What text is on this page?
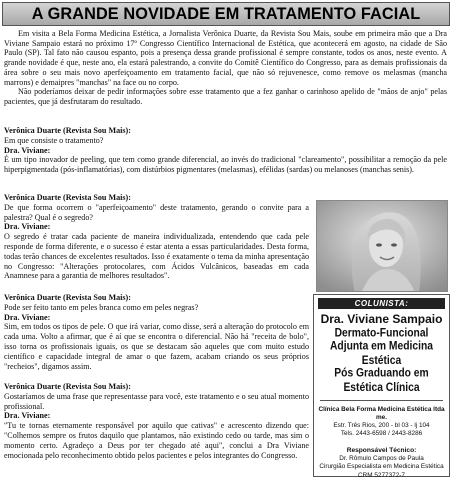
A GRANDE NOVIDADE EM TRATAMENTO FACIAL

Em visita a Bela Forma Medicina Estética, a Jornalista Verônica Duarte, da Revista Sou Mais, soube em primeira mão que a Dra Viviane Sampaio estará no próximo 17º Congresso Científico Internacional de Estética, que acontecerá em agosto, na cidade de São Paulo (SP). Tal fato não causou espanto, pois a presença dessa grande profissional é sempre constante, todos os anos, neste evento. A grande novidade é que, neste ano, ela estará palestrando, a convite do Comitê Científico do Congresso, para as demais profissionais da área sobre o seu mais novo aperfeiçoamento em tratamento facial, que não só rejuvenesce, como remove os melasmas (mancha marrons) e demaipres "manchas" na face ou no corpo.

Não poderíamos deixar de pedir informações sobre esse tratamento que a fez ganhar o carinhoso apelido de "mãos de anjo" pelas pacientes, que já desfrutaram do resultado.

Verônica Duarte (Revista Sou Mais):

Em que consiste o tratamento?

Dra. Viviane:

É um tipo inovador de peeling, que tem como grande diferencial, ao invés do tradicional "clareamento", possibilitar a remoção da pele hiperpigmentada (pós-inflamatórias), com distúrbios pigmentares (melasmas), efélidas (sardas) ou melanoses (manchas senis).

Verônica Duarte (Revista Sou Mais):

De que forma ocorrem o "aperfeiçoamento" deste tratamento, gerando o convite para a palestra? Qual é o segredo?

Dra. Viviane:

O segredo é tratar cada paciente de maneira individualizada, entendendo que cada pele responde de forma diferente, e o sucesso é estar atenta a essas particularidades. Desta forma, todas terão chances de excelentes resultados. Isso é exatamente o tema da minha apresentação no Congresso: "Alterações protocolares, com Ácidos Vulcânicos, baseadas em cada Anamnese para a garantia de melhores resultados".

Verônica Duarte (Revista Sou Mais):

Pode ser feito tanto em peles branca como em peles negras?

Dra. Viviane:

Sim, em todos os tipos de pele. O que irá variar, como disse, será a alteração do protocolo em cada uma. Volto a afirmar, que é aí que se encontra o diferencial. Não há "receita de bolo", isso torna os profissionais iguais, os que se destacam são aqueles que com muito estudo científico e capacidade integral de amar o que fazem, acabam criando os seus próprios "recheios", digamos assim.

Verônica Duarte (Revista Sou Mais):

Gostaríamos de uma frase que representasse para você, este tratamento e o seu atual momento profissional.

Dra. Viviane:

"Tu te tornas eternamente responsável por aquilo que cativas" e acrescento dizendo que: "Colhemos sempre os frutos daquilo que plantamos, não existindo cedo ou tarde, mas sim o momento certo. Agradeço a Deus por ter chegado até aqui", conclui a Dra Viviane emocionada pelo reconhecimento obtido pelos pacientes e pelos integrantes do Congresso.

COLUNISTA:
Dra. Viviane Sampaio
Dermato-Funcional
Adjunta em Medicina Estética
Pós Graduando em Estética Clínica
Clínica Bela Forma Medicina Estética ltda me.
Estr. Três Rios, 200 - bl 03 - lj 104
Tels. 2443-6598 / 2443-8286
Responsável Técnico:
Dr. Rômulo Campos de Paula
Cirurgião Especialista em Medicina Estética
CRM 5277372-7
